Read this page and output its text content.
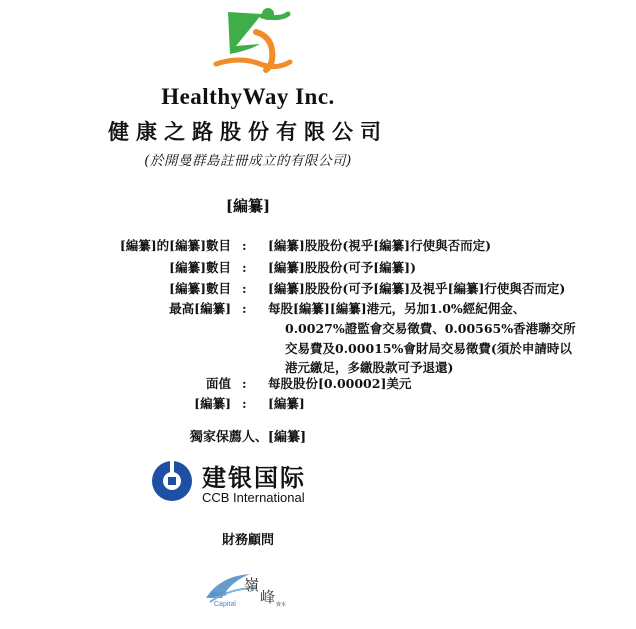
HealthyWay Inc.
健康之路股份有限公司
(於開曼群島註冊成立的有限公司)
[編纂]
[編纂]的[編纂]數目 : [編纂]股股份(視乎[編纂]行使與否而定)
[編纂]數目 : [編纂]股股份(可予[編纂])
[編纂]數目 : [編纂]股股份(可予[編纂]及視乎[編纂]行使與否而定)
最高[編纂] : 每股[編纂][編纂]港元，另加1.0%經紀佣金、
0.0027%證監會交易徵費、0.00565%香港聯交所
交易費及0.00015%會財局交易徵費(須於申請時以
港元繳足，多繳股款可予退還)
面值 : 每股股份[0.00002]美元
[編纂] : [編纂]
獨家保薦人、[編纂]
建银国际
CCB International
財務顧問
Bristol
Capital
嶺
峰 資本
